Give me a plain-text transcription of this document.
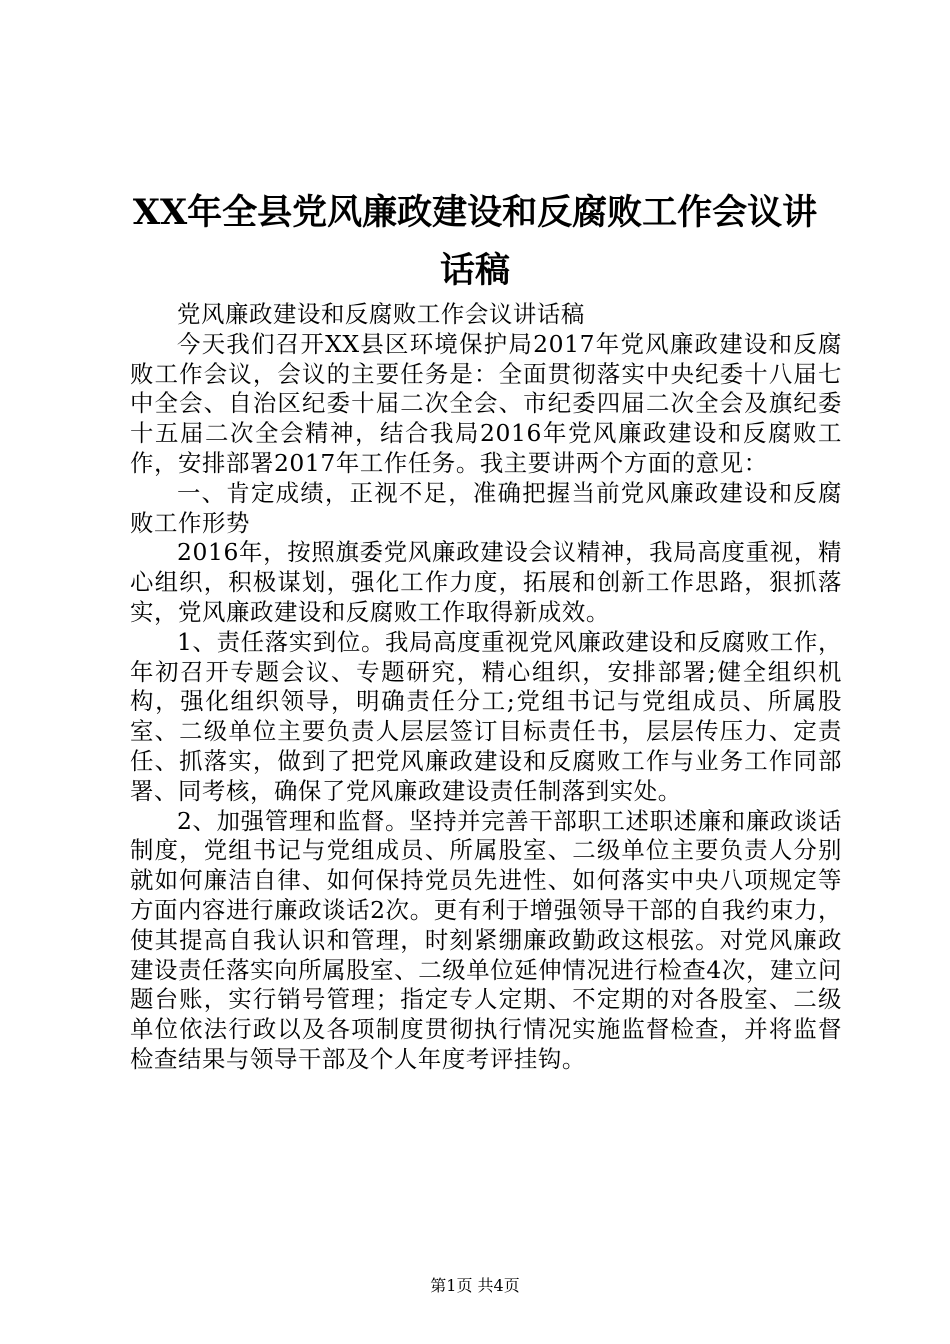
XX年全县党风廉政建设和反腐败工作会议讲
话稿

党风廉政建设和反腐败工作会议讲话稿

今天我们召开XX县区环境保护局2017年党风廉政建设和反腐败工作会议，会议的主要任务是：全面贯彻落实中央纪委十八届七中全会、自治区纪委十届二次全会、市纪委四届二次全会及旗纪委十五届二次全会精神，结合我局2016年党风廉政建设和反腐败工作，安排部署2017年工作任务。我主要讲两个方面的意见：

一、肯定成绩，正视不足，准确把握当前党风廉政建设和反腐败工作形势

2016年，按照旗委党风廉政建设会议精神，我局高度重视，精心组织，积极谋划，强化工作力度，拓展和创新工作思路，狠抓落实，党风廉政建设和反腐败工作取得新成效。

1、责任落实到位。我局高度重视党风廉政建设和反腐败工作，年初召开专题会议、专题研究，精心组织，安排部署;健全组织机构，强化组织领导，明确责任分工;党组书记与党组成员、所属股室、二级单位主要负责人层层签订目标责任书，层层传压力、定责任、抓落实，做到了把党风廉政建设和反腐败工作与业务工作同部署、同考核，确保了党风廉政建设责任制落到实处。

2、加强管理和监督。坚持并完善干部职工述职述廉和廉政谈话制度，党组书记与党组成员、所属股室、二级单位主要负责人分别就如何廉洁自律、如何保持党员先进性、如何落实中央八项规定等方面内容进行廉政谈话2次。更有利于增强领导干部的自我约束力，使其提高自我认识和管理，时刻紧绷廉政勤政这根弦。对党风廉政建设责任落实向所属股室、二级单位延伸情况进行检查4次，建立问题台账，实行销号管理；指定专人定期、不定期的对各股室、二级单位依法行政以及各项制度贯彻执行情况实施监督检查，并将监督检查结果与领导干部及个人年度考评挂钩。

第1页 共4页
